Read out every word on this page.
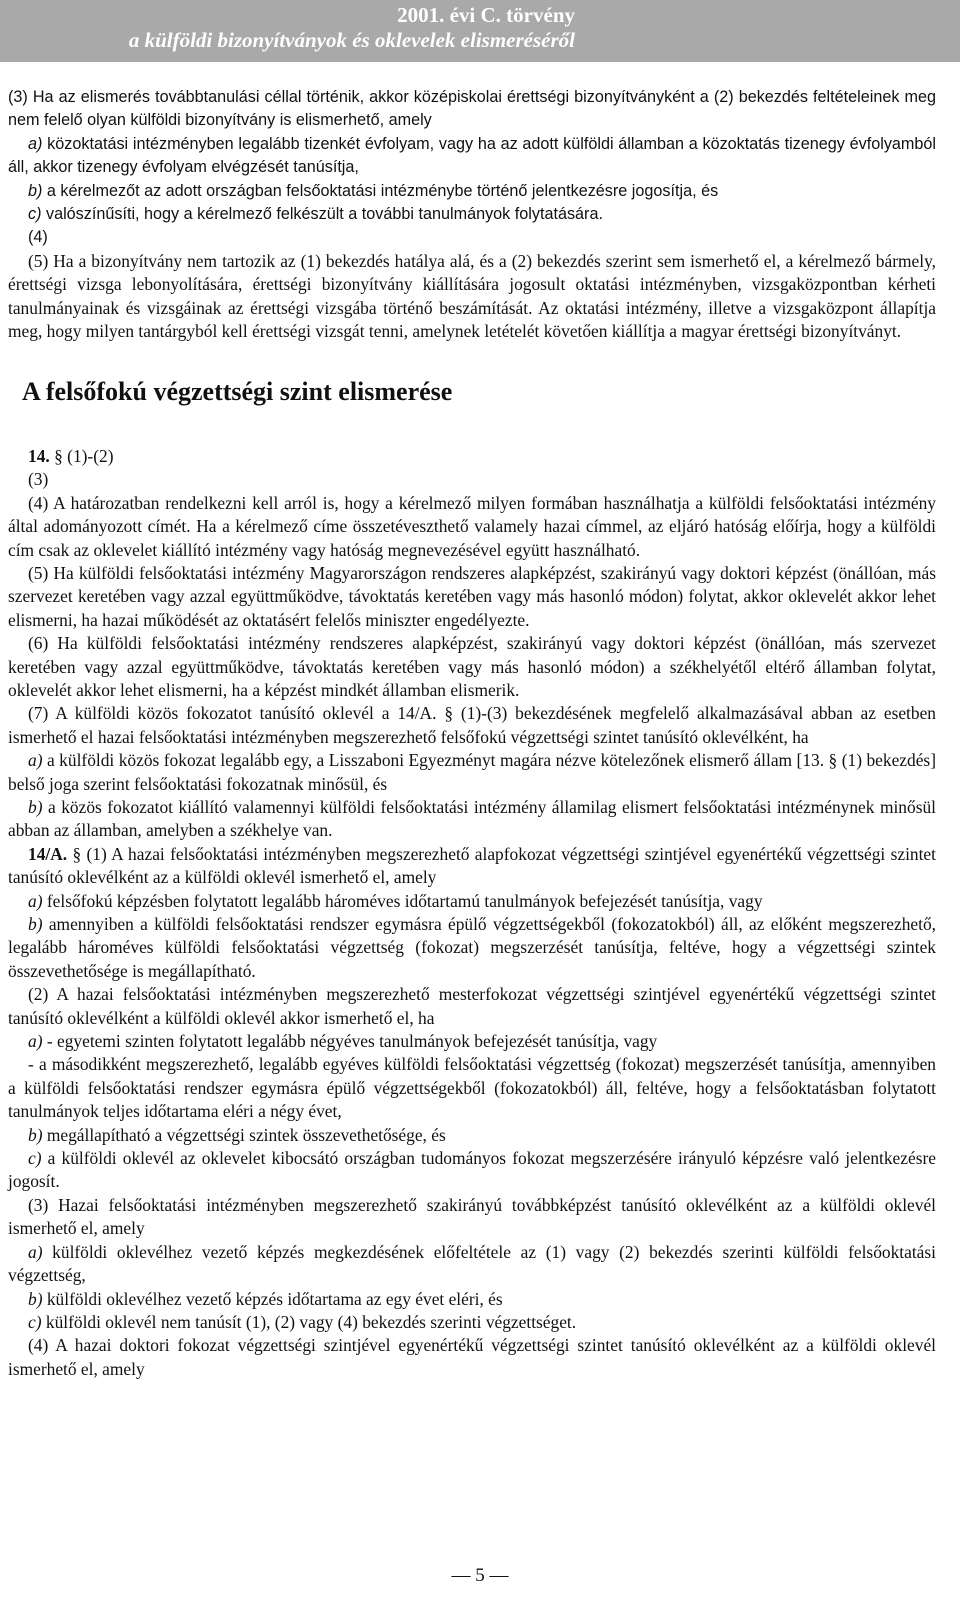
2001. évi C. törvény
a külföldi bizonyítványok és oklevelek elismeréséről

(3) Ha az elismerés továbbtanulási céllal történik, akkor középiskolai érettségi bizonyítványként a (2) bekezdés feltételeinek meg nem felelő olyan külföldi bizonyítvány is elismerhető, amely

a) közoktatási intézményben legalább tizenkét évfolyam, vagy ha az adott külföldi államban a közoktatás tizenegy évfolyamból áll, akkor tizenegy évfolyam elvégzését tanúsítja,

b) a kérelmezőt az adott országban felsőoktatási intézménybe történő jelentkezésre jogosítja, és

c) valószínűsíti, hogy a kérelmező felkészült a további tanulmányok folytatására.

(4)

(5) Ha a bizonyítvány nem tartozik az (1) bekezdés hatálya alá, és a (2) bekezdés szerint sem ismerhető el, a kérelmező bármely, érettségi vizsga lebonyolítására, érettségi bizonyítvány kiállítására jogosult oktatási intézményben, vizsgaközpontban kérheti tanulmányainak és vizsgáinak az érettségi vizsgába történő beszámítását. Az oktatási intézmény, illetve a vizsgaközpont állapítja meg, hogy milyen tantárgyból kell érettségi vizsgát tenni, amelynek letételét követően kiállítja a magyar érettségi bizonyítványt.

A felsőfokú végzettségi szint elismerése

14. § (1)-(2)

(3)

(4) A határozatban rendelkezni kell arról is, hogy a kérelmező milyen formában használhatja a külföldi felsőoktatási intézmény által adományozott címét. Ha a kérelmező címe összetéveszthető valamely hazai címmel, az eljáró hatóság előírja, hogy a külföldi cím csak az oklevelet kiállító intézmény vagy hatóság megnevezésével együtt használható.

(5) Ha külföldi felsőoktatási intézmény Magyarországon rendszeres alapképzést, szakirányú vagy doktori képzést (önállóan, más szervezet keretében vagy azzal együttműködve, távoktatás keretében vagy más hasonló módon) folytat, akkor oklevelét akkor lehet elismerni, ha hazai működését az oktatásért felelős miniszter engedélyezte.

(6) Ha külföldi felsőoktatási intézmény rendszeres alapképzést, szakirányú vagy doktori képzést (önállóan, más szervezet keretében vagy azzal együttműködve, távoktatás keretében vagy más hasonló módon) a székhelyétől eltérő államban folytat, oklevelét akkor lehet elismerni, ha a képzést mindkét államban elismerik.

(7) A külföldi közös fokozatot tanúsító oklevél a 14/A. § (1)-(3) bekezdésének megfelelő alkalmazásával abban az esetben ismerhető el hazai felsőoktatási intézményben megszerezhető felsőfokú végzettségi szintet tanúsító oklevélként, ha

a) a külföldi közös fokozat legalább egy, a Lisszaboni Egyezményt magára nézve kötelezőnek elismerő állam [13. § (1) bekezdés] belső joga szerint felsőoktatási fokozatnak minősül, és

b) a közös fokozatot kiállító valamennyi külföldi felsőoktatási intézmény államilag elismert felsőoktatási intézménynek minősül abban az államban, amelyben a székhelye van.

14/A. § (1) A hazai felsőoktatási intézményben megszerezhető alapfokozat végzettségi szintjével egyenértékű végzettségi szintet tanúsító oklevélként az a külföldi oklevél ismerhető el, amely

a) felsőfokú képzésben folytatott legalább hároméves időtartamú tanulmányok befejezését tanúsítja, vagy

b) amennyiben a külföldi felsőoktatási rendszer egymásra épülő végzettségekből (fokozatokból) áll, az előként megszerezhető, legalább hároméves külföldi felsőoktatási végzettség (fokozat) megszerzését tanúsítja, feltéve, hogy a végzettségi szintek összevethetősége is megállapítható.

(2) A hazai felsőoktatási intézményben megszerezhető mesterfokozat végzettségi szintjével egyenértékű végzettségi szintet tanúsító oklevélként a külföldi oklevél akkor ismerhető el, ha

a) - egyetemi szinten folytatott legalább négyéves tanulmányok befejezését tanúsítja, vagy

- a másodikként megszerezhető, legalább egyéves külföldi felsőoktatási végzettség (fokozat) megszerzését tanúsítja, amennyiben a külföldi felsőoktatási rendszer egymásra épülő végzettségekből (fokozatokból) áll, feltéve, hogy a felsőoktatásban folytatott tanulmányok teljes időtartama eléri a négy évet,

b) megállapítható a végzettségi szintek összevethetősége, és

c) a külföldi oklevél az oklevelet kibocsátó országban tudományos fokozat megszerzésére irányuló képzésre való jelentkezésre jogosít.

(3) Hazai felsőoktatási intézményben megszerezhető szakirányú továbbképzést tanúsító oklevélként az a külföldi oklevél ismerhető el, amely

a) külföldi oklevélhez vezető képzés megkezdésének előfeltétele az (1) vagy (2) bekezdés szerinti külföldi felsőoktatási végzettség,

b) külföldi oklevélhez vezető képzés időtartama az egy évet eléri, és

c) külföldi oklevél nem tanúsít (1), (2) vagy (4) bekezdés szerinti végzettséget.

(4) A hazai doktori fokozat végzettségi szintjével egyenértékű végzettségi szintet tanúsító oklevélként az a külföldi oklevél ismerhető el, amely

— 5 —
